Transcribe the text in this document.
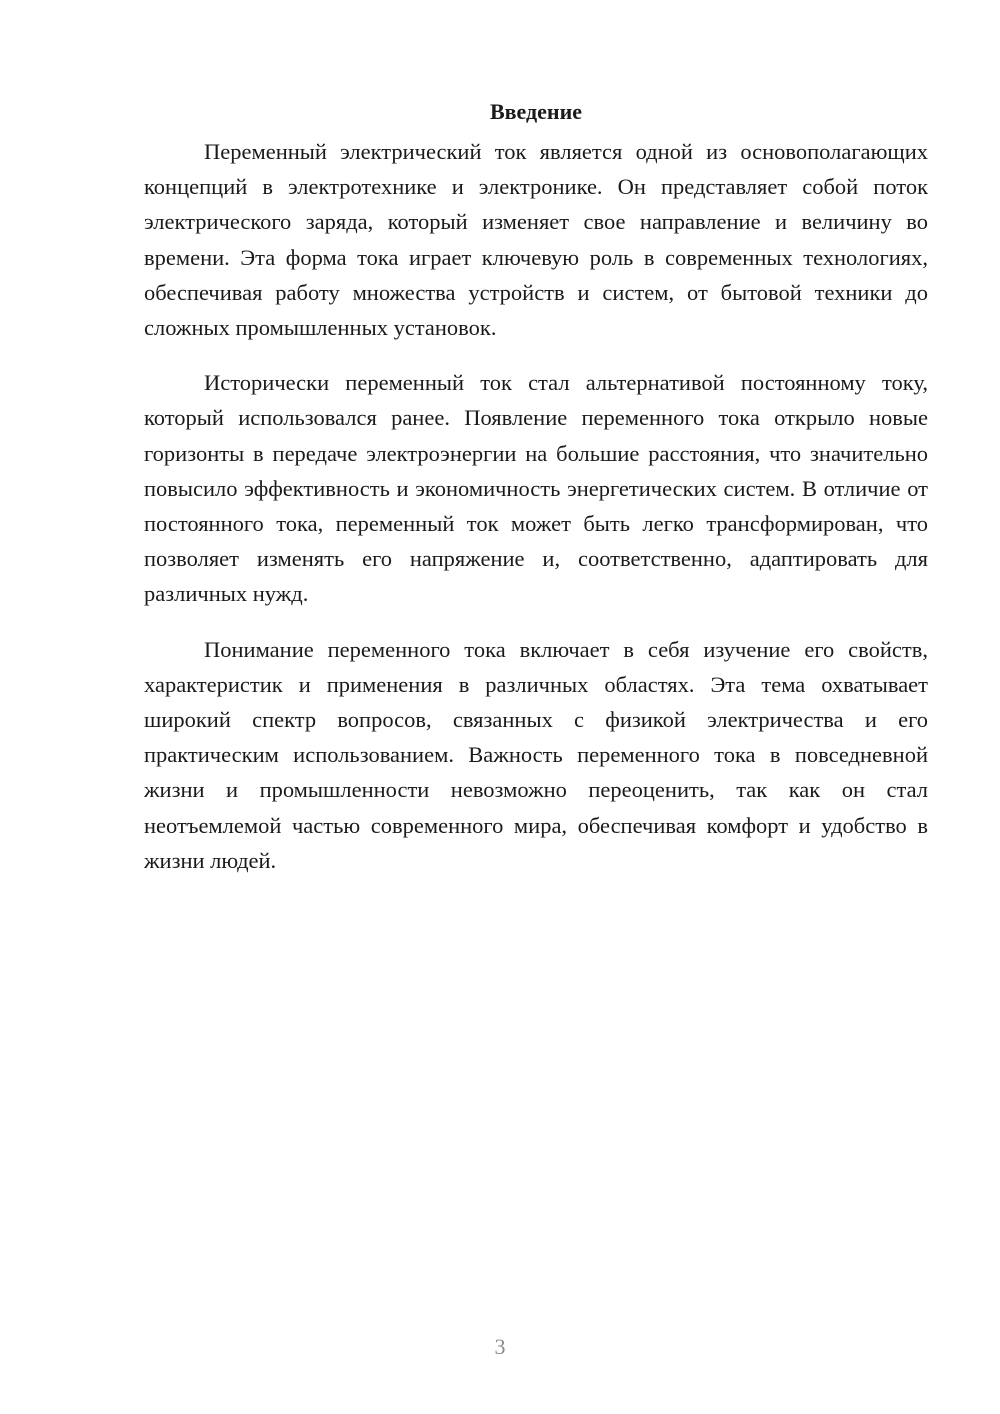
Введение

Переменный электрический ток является одной из основополагающих концепций в электротехнике и электронике. Он представляет собой поток электрического заряда, который изменяет свое направление и величину во времени. Эта форма тока играет ключевую роль в современных технологиях, обеспечивая работу множества устройств и систем, от бытовой техники до сложных промышленных установок.

Исторически переменный ток стал альтернативой постоянному току, который использовался ранее. Появление переменного тока открыло новые горизонты в передаче электроэнергии на большие расстояния, что значительно повысило эффективность и экономичность энергетических систем. В отличие от постоянного тока, переменный ток может быть легко трансформирован, что позволяет изменять его напряжение и, соответственно, адаптировать для различных нужд.

Понимание переменного тока включает в себя изучение его свойств, характеристик и применения в различных областях. Эта тема охватывает широкий спектр вопросов, связанных с физикой электричества и его практическим использованием. Важность переменного тока в повседневной жизни и промышленности невозможно переоценить, так как он стал неотъемлемой частью современного мира, обеспечивая комфорт и удобство в жизни людей.

3
